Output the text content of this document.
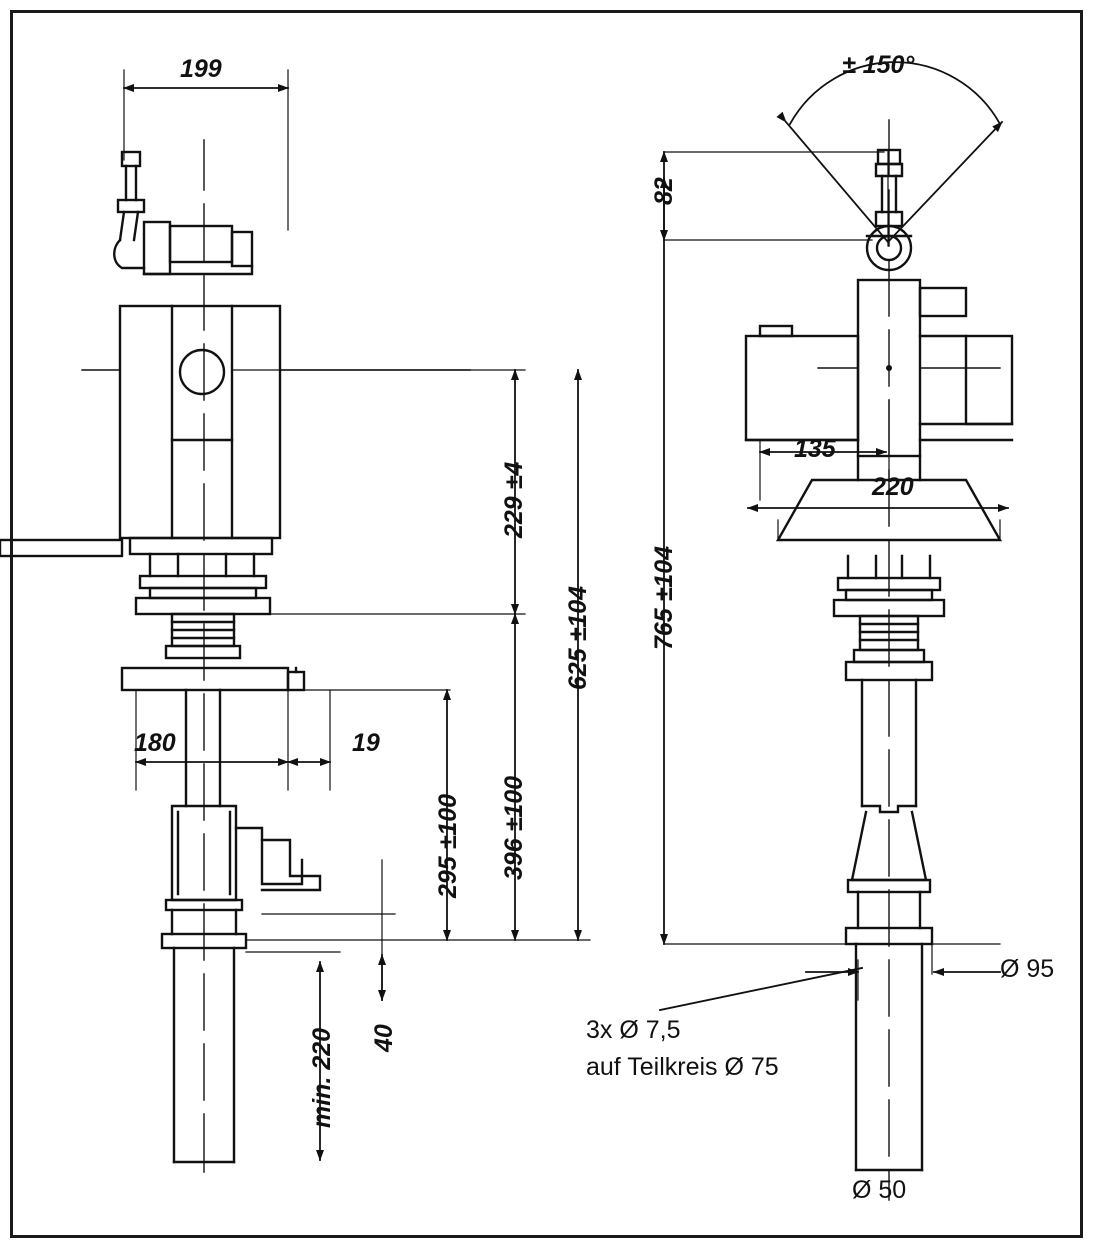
199
229 ±4
625 ±104
396 ±100
295 ±100
min. 220 40
180	19
± 150°
82
765 ±104
135
220
Ø 95
Ø 50
3x Ø 7,5
auf Teilkreis Ø 75
